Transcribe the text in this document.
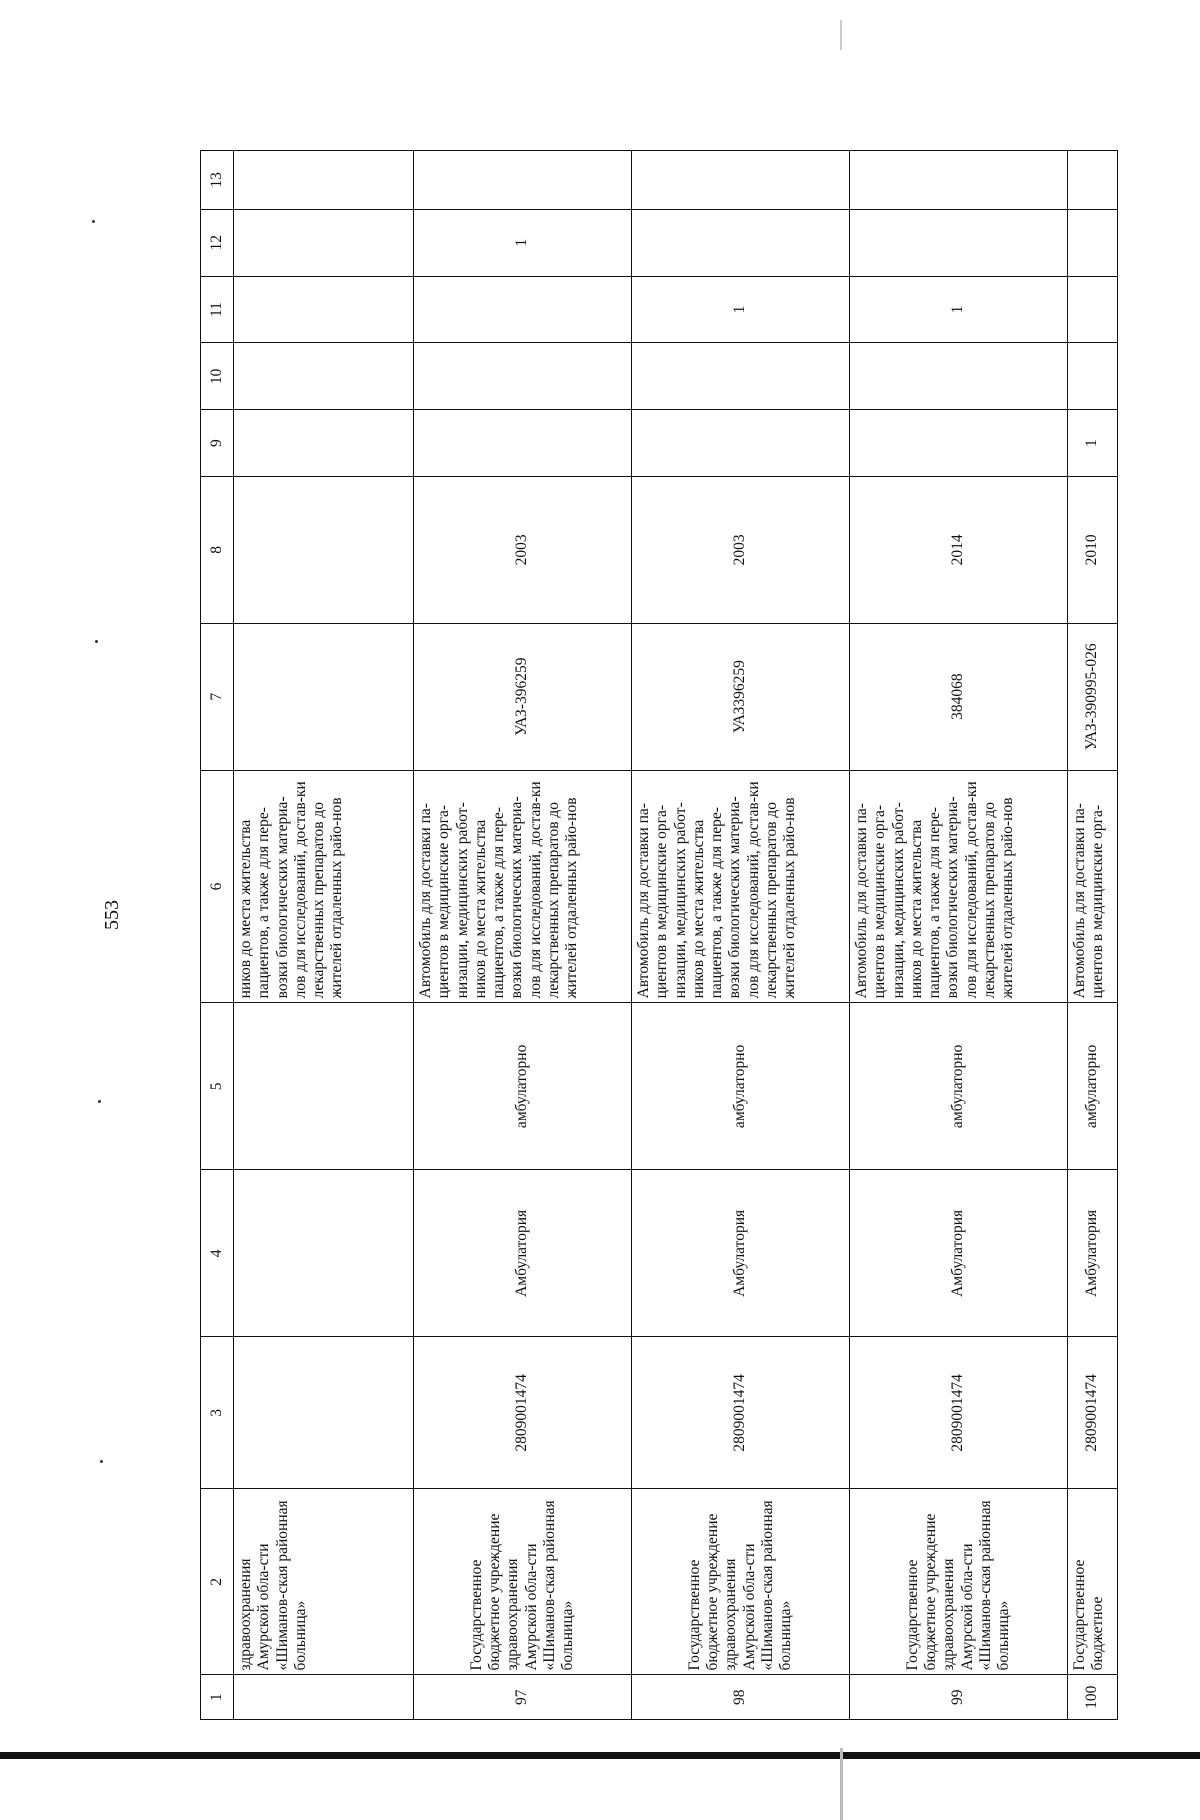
553
1	2	3	4	5	6	7	8	9	10	11	12	13
	здравоохранения Амурской обла-сти «Шиманов-ская районная больница»				ников до места жительства пациентов, а также для пере-возки биологических материа-лов для исследований, достав-ки лекарственных препаратов до жителей отдаленных райо-нов							
97	Государственное бюджетное учреждение здравоохранения Амурской обла-сти «Шиманов-ская районная больница»	2809001474	Амбулатория	амбулаторно	Автомобиль для доставки па-циентов в медицинские орга-низации, медицинских работ-ников до места жительства пациентов, а также для пере-возки биологических материа-лов для исследований, достав-ки лекарственных препаратов до жителей отдаленных райо-нов	УАЗ-396259	2003				1	
98	Государственное бюджетное учреждение здравоохранения Амурской обла-сти «Шиманов-ская районная больница»	2809001474	Амбулатория	амбулаторно	Автомобиль для доставки па-циентов в медицинские орга-низации, медицинских работ-ников до места жительства пациентов, а также для пере-возки биологических материа-лов для исследований, достав-ки лекарственных препаратов до жителей отдаленных райо-нов	УАЗ396259	2003			1		
99	Государственное бюджетное учреждение здравоохранения Амурской обла-сти «Шиманов-ская районная больница»	2809001474	Амбулатория	амбулаторно	Автомобиль для доставки па-циентов в медицинские орга-низации, медицинских работ-ников до места жительства пациентов, а также для пере-возки биологических материа-лов для исследований, достав-ки лекарственных препаратов до жителей отдаленных райо-нов	384068	2014			1		
100	Государственное бюджетное	2809001474	Амбулатория	амбулаторно	Автомобиль для доставки па-циентов в медицинские орга-	УАЗ-390995-026	2010	1				
